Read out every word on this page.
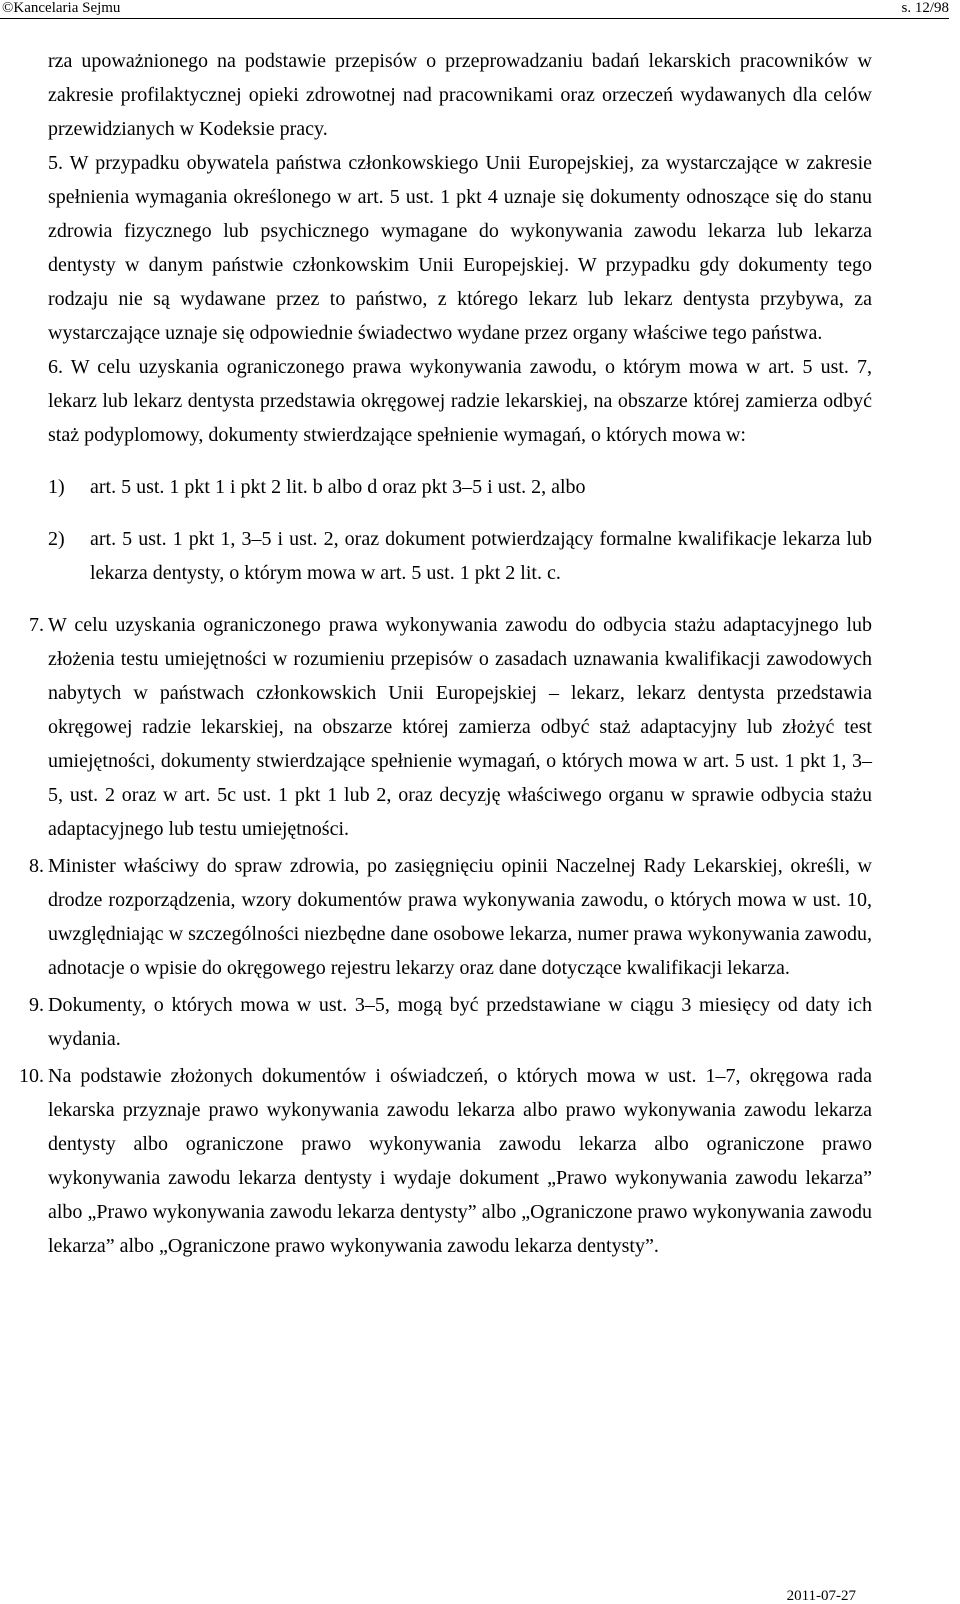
©Kancelaria Sejmu	s. 12/98

rza upoważnionego na podstawie przepisów o przeprowadzaniu badań lekarskich pracowników w zakresie profilaktycznej opieki zdrowotnej nad pracownikami oraz orzeczeń wydawanych dla celów przewidzianych w Kodeksie pracy.

5. W przypadku obywatela państwa członkowskiego Unii Europejskiej, za wystarczające w zakresie spełnienia wymagania określonego w art. 5 ust. 1 pkt 4 uznaje się dokumenty odnoszące się do stanu zdrowia fizycznego lub psychicznego wymagane do wykonywania zawodu lekarza lub lekarza dentysty w danym państwie członkowskim Unii Europejskiej. W przypadku gdy dokumenty tego rodzaju nie są wydawane przez to państwo, z którego lekarz lub lekarz dentysta przybywa, za wystarczające uznaje się odpowiednie świadectwo wydane przez organy właściwe tego państwa.

6. W celu uzyskania ograniczonego prawa wykonywania zawodu, o którym mowa w art. 5 ust. 7, lekarz lub lekarz dentysta przedstawia okręgowej radzie lekarskiej, na obszarze której zamierza odbyć staż podyplomowy, dokumenty stwierdzające spełnienie wymagań, o których mowa w:

1) art. 5 ust. 1 pkt 1 i pkt 2 lit. b albo d oraz pkt 3–5 i ust. 2, albo
2) art. 5 ust. 1 pkt 1, 3–5 i ust. 2, oraz dokument potwierdzający formalne kwalifikacje lekarza lub lekarza dentysty, o którym mowa w art. 5 ust. 1 pkt 2 lit. c.
7. W celu uzyskania ograniczonego prawa wykonywania zawodu do odbycia stażu adaptacyjnego lub złożenia testu umiejętności w rozumieniu przepisów o zasadach uznawania kwalifikacji zawodowych nabytych w państwach członkowskich Unii Europejskiej – lekarz, lekarz dentysta przedstawia okręgowej radzie lekarskiej, na obszarze której zamierza odbyć staż adaptacyjny lub złożyć test umiejętności, dokumenty stwierdzające spełnienie wymagań, o których mowa w art. 5 ust. 1 pkt 1, 3–5, ust. 2 oraz w art. 5c ust. 1 pkt 1 lub 2, oraz decyzję właściwego organu w sprawie odbycia stażu adaptacyjnego lub testu umiejętności.
8. Minister właściwy do spraw zdrowia, po zasięgnięciu opinii Naczelnej Rady Lekarskiej, określi, w drodze rozporządzenia, wzory dokumentów prawa wykonywania zawodu, o których mowa w ust. 10, uwzględniając w szczególności niezbędne dane osobowe lekarza, numer prawa wykonywania zawodu, adnotacje o wpisie do okręgowego rejestru lekarzy oraz dane dotyczące kwalifikacji lekarza.
9. Dokumenty, o których mowa w ust. 3–5, mogą być przedstawiane w ciągu 3 miesięcy od daty ich wydania.
10. Na podstawie złożonych dokumentów i oświadczeń, o których mowa w ust. 1–7, okręgowa rada lekarska przyznaje prawo wykonywania zawodu lekarza albo prawo wykonywania zawodu lekarza dentysty albo ograniczone prawo wykonywania zawodu lekarza albo ograniczone prawo wykonywania zawodu lekarza dentysty i wydaje dokument „Prawo wykonywania zawodu lekarza” albo „Prawo wykonywania zawodu lekarza dentysty” albo „Ograniczone prawo wykonywania zawodu lekarza” albo „Ograniczone prawo wykonywania zawodu lekarza dentysty”.
2011-07-27
